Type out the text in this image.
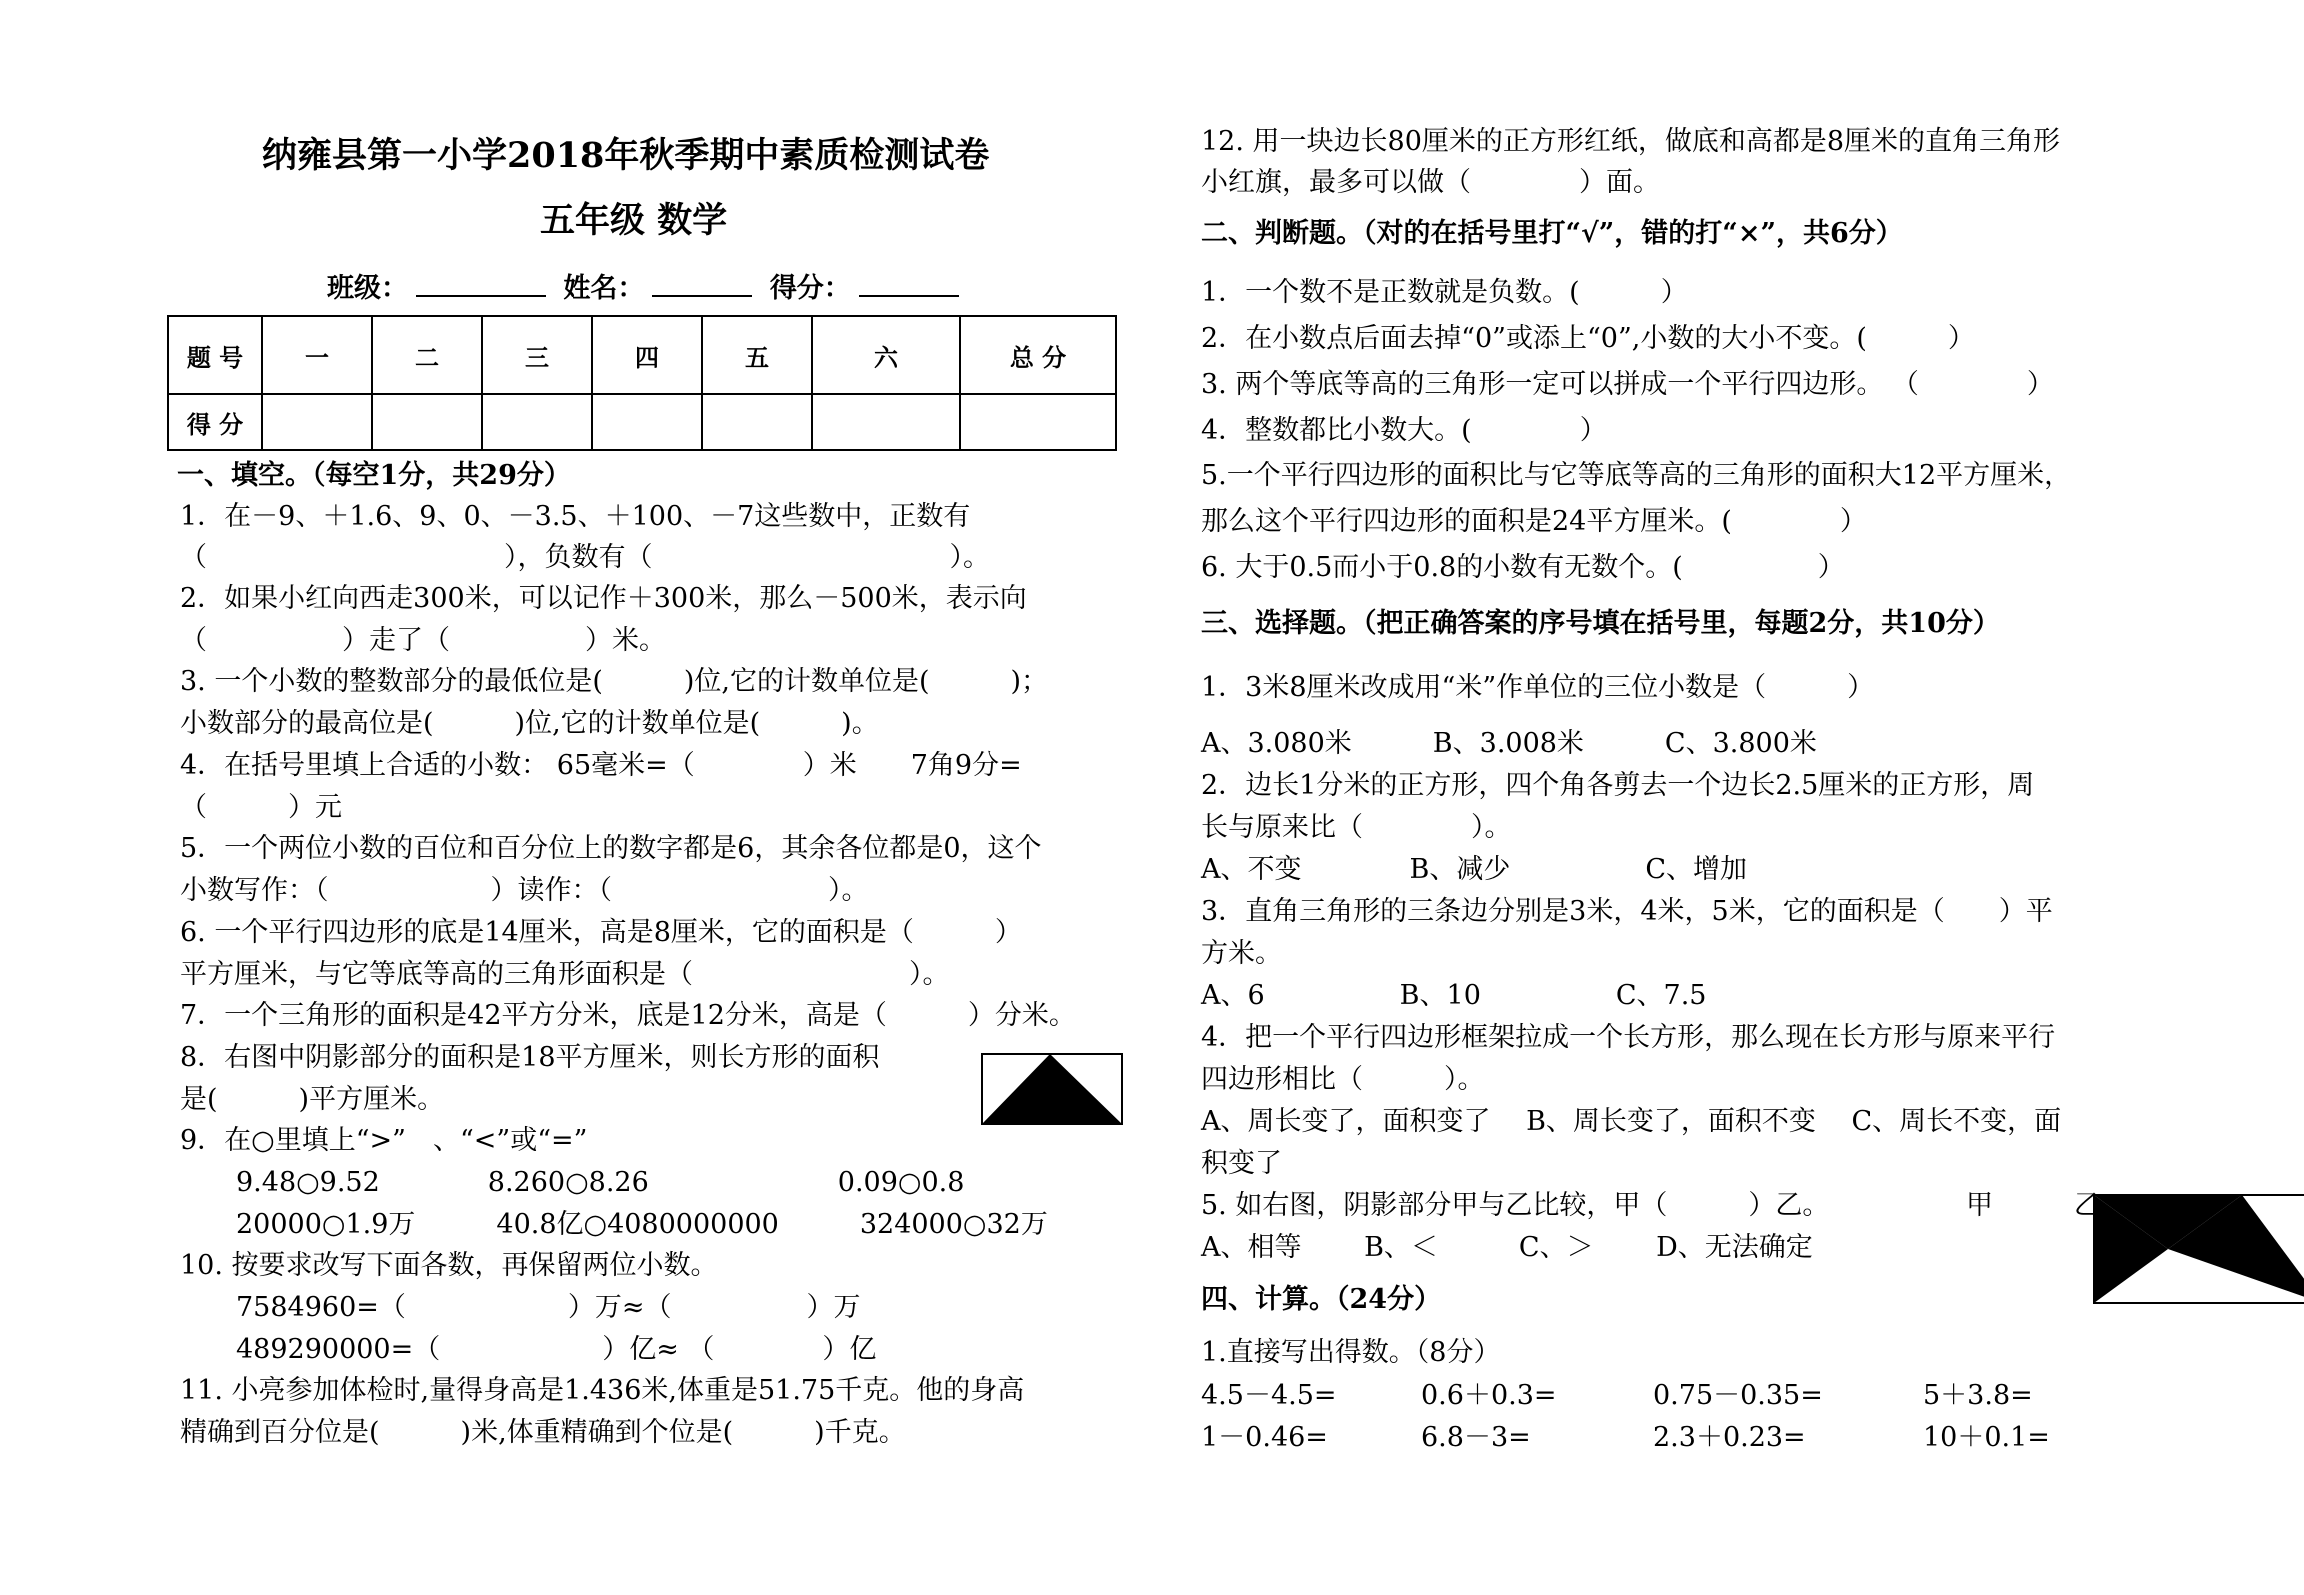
纳雍县第一小学2018年秋季期中素质检测试卷
五年级 数学
班级：	姓名：	得分：
题 号	一	二	三	四	五	六	总 分
得 分							
一、填空。（每空1分，共29分）
1．在－9、＋1.6、9、0、－3.5、＋100、－7这些数中，正数有
（　　　　　　　　　　　），负数有（　　　　　　　　　　　）。
2．如果小红向西走300米，可以记作＋300米，那么－500米，表示向
（　　　　　）走了（　　　　　）米。
3. 一个小数的整数部分的最低位是(　　　)位,它的计数单位是(　　　)；
小数部分的最高位是(　　　)位,它的计数单位是(　　　)。
4．在括号里填上合适的小数： 65毫米=（　　　　）米　　7角9分=
（　　　）元
5．一个两位小数的百位和百分位上的数字都是6，其余各位都是0，这个
小数写作：（　　　　　　）读作：（　　　　　　　　）。
6. 一个平行四边形的底是14厘米，高是8厘米，它的面积是（　　　）
平方厘米，与它等底等高的三角形面积是（　　　　　　　　）。
7．一个三角形的面积是42平方分米，底是12分米，高是（　　　）分米。
8．右图中阴影部分的面积是18平方厘米，则长方形的面积
是(　　　)平方厘米。
9．在○里填上“>”　、“<”或“=”
9.48○9.52　　　　8.260○8.26　　　　　　　0.09○0.8
20000○1.9万　　　40.8亿○4080000000　　　324000○32万
10. 按要求改写下面各数，再保留两位小数。
7584960=（　　　　　　）万≈（　　　　　）万
489290000=（　　　　　　）亿≈ （　　　　）亿
11. 小亮参加体检时,量得身高是1.436米,体重是51.75千克。他的身高
精确到百分位是(　　　)米,体重精确到个位是(　　　)千克。
12. 用一块边长80厘米的正方形红纸，做底和高都是8厘米的直角三角形
小红旗，最多可以做（　　　　）面。
二、判断题。（对的在括号里打“√”，错的打“×”，共6分）
1．一个数不是正数就是负数。(　　　）
2．在小数点后面去掉“0”或添上“0”,小数的大小不变。(　　　）
3. 两个等底等高的三角形一定可以拼成一个平行四边形。 （　　　　）
4．整数都比小数大。(　　　　）
5.一个平行四边形的面积比与它等底等高的三角形的面积大12平方厘米，
那么这个平行四边形的面积是24平方厘米。(　　　　）
6. 大于0.5而小于0.8的小数有无数个。(　　　　　）
三、选择题。（把正确答案的序号填在括号里，每题2分，共10分）
1．3米8厘米改成用“米”作单位的三位小数是（　　　）
A、3.080米　　　B、3.008米　　　C、3.800米
2．边长1分米的正方形，四个角各剪去一个边长2.5厘米的正方形，周
长与原来比（　　　　）。
A、不变　　　　B、减少　　　　　C、增加
3．直角三角形的三条边分别是3米，4米，5米，它的面积是（　　）平
方米。
A、6　　　　　B、10　　　　　C、7.5
4．把一个平行四边形框架拉成一个长方形，那么现在长方形与原来平行
四边形相比（　　　）。
A、周长变了，面积变了　 B、周长变了，面积不变　 C、周长不变，面
积变了
5. 如右图，阴影部分甲与乙比较，甲（　　　）乙。
A、相等　　 B、＜　　　C、＞　　 D、无法确定
甲	乙
四、计算。（24分）
1.直接写出得数。（8分）
4.5－4.5=	0.6＋0.3=	0.75－0.35=	5＋3.8=
1－0.46=	6.8－3=	2.3＋0.23=	10＋0.1=
